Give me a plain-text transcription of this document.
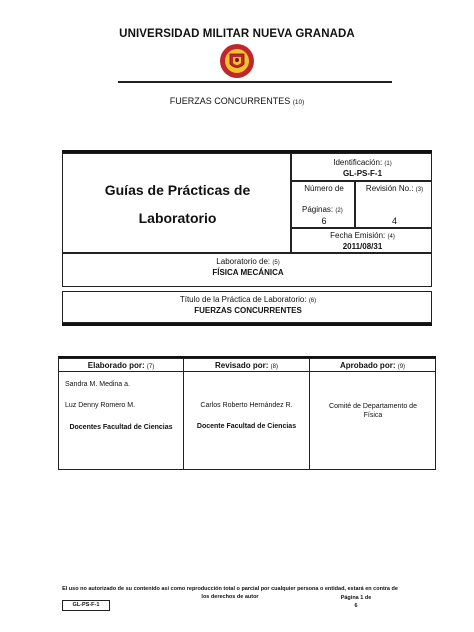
UNIVERSIDAD MILITAR NUEVA GRANADA
FUERZAS CONCURRENTES (10)
Guías de Prácticas de
Laboratorio
Identificación: (1)
GL-PS-F-1
Número de
Páginas: (2)
6
Revisión No.: (3)
4
Fecha Emisión: (4)
2011/08/31
Laboratorio de: (5)
FÍSICA MECÁNICA
Título de la Práctica de Laboratorio: (6)
FUERZAS CONCURRENTES
Elaborado por: (7)	Revisado por: (8)	Aprobado por: (9)
Sandra M. Medina a.
Luz Denny Romero M.
Docentes Facultad de Ciencias
Carlos Roberto Hernández R.
Docente Facultad de Ciencias
Comité de Departamento de Física
El uso no autorizado de su contenido así como reproducción total o parcial por cualquier persona o entidad, estará en contra de los derechos de autor
GL-PS-F-1
Página 1 de
6
